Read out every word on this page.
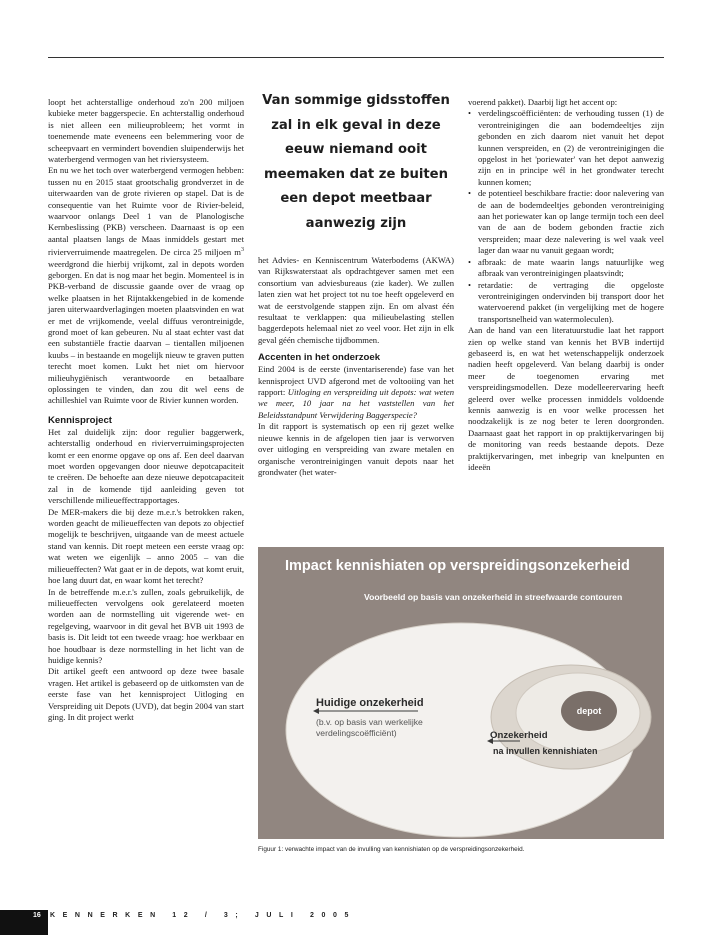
loopt het achterstallige onderhoud zo'n 200 miljoen kubieke meter baggerspecie. En achterstallig onderhoud is niet alleen een milieuprobleem; het vormt in toenemende mate eveneens een belemmering voor de scheepvaart en vermindert bovendien sluipenderwijs het waterbergend vermogen van het riviersysteem.

En nu we het toch over waterbergend vermogen hebben: tussen nu en 2015 staat grootschalig grondverzet in de uiterwaarden van de grote rivieren op stapel. Dat is de consequentie van het Ruimte voor de Rivier-beleid, waarvoor onlangs Deel 1 van de Planologische Kernbeslissing (PKB) verscheen. Daarnaast is op een aantal plaatsen langs de Maas inmiddels gestart met rivierverruimende maatregelen. De circa 25 miljoen $m^3$ weerdgrond die hierbij vrijkomt, zal in depots worden geborgen. En dat is nog maar het begin. Momenteel is in PKB-verband de discussie gaande over de vraag op welke plaatsen in het Rijntakkengebied in de komende jaren uiterwaardverlagingen moeten plaatsvinden en wat er met de vrijkomende, veelal diffuus verontreinigde, grond moet of kan gebeuren. Nu al staat echter vast dat een substantiële fractie daarvan – tientallen miljoenen kuubs – in bestaande en mogelijk nieuw te graven putten terecht moet komen. Lukt het niet om hiervoor milieuhygiënisch verantwoorde en betaalbare oplossingen te vinden, dan zou dit wel eens de achilleshiel van Ruimte voor de Rivier kunnen worden.

Kennisproject

Het zal duidelijk zijn: door regulier baggerwerk, achterstallig onderhoud en rivierverruimingsprojecten komt er een enorme opgave op ons af. Een deel daarvan moet worden opgevangen door nieuwe depotcapaciteit te creëren. De behoefte aan deze nieuwe depotcapaciteit zal in de komende tijd aanleiding geven tot verschillende milieueffectrapportages.

De MER-makers die bij deze m.e.r.'s betrokken raken, worden geacht de milieueffecten van depots zo objectief mogelijk te beschrijven, uitgaande van de meest actuele stand van kennis. Dit roept meteen een eerste vraag op: wat weten we eigenlijk – anno 2005 – van die milieueffecten? Wat gaat er in de depots, wat komt eruit, hoe lang duurt dat, en waar komt het terecht?

In de betreffende m.e.r.'s zullen, zoals gebruikelijk, de milieueffecten vervolgens ook gerelateerd moeten worden aan de normstelling uit vigerende wet- en regelgeving, waarvoor in dit geval het BVB uit 1993 de basis is. Dit leidt tot een tweede vraag: hoe werkbaar en hoe houdbaar is deze normstelling in het licht van de huidige kennis?

Dit artikel geeft een antwoord op deze twee basale vragen. Het artikel is gebaseerd op de uitkomsten van de eerste fase van het kennisproject Uitloging en Verspreiding uit Depots (UVD), dat begin 2004 van start ging. In dit project werkt

Van sommige gidsstoffen zal in elk geval in deze eeuw niemand ooit meemaken dat ze buiten een depot meetbaar aanwezig zijn

het Advies- en Kenniscentrum Waterbodems (AKWA) van Rijkswaterstaat als opdrachtgever samen met een consortium van adviesbureaus (zie kader). We zullen laten zien wat het project tot nu toe heeft opgeleverd en wat de eerstvolgende stappen zijn. En om alvast één resultaat te verklappen: qua milieubelasting stellen baggerdepots helemaal niet zo veel voor. Het zijn in elk geval géén chemische tijdbommen.

Accenten in het onderzoek

Eind 2004 is de eerste (inventariserende) fase van het kennisproject UVD afgerond met de voltooiing van het rapport: Uitloging en verspreiding uit depots: wat weten we meer, 10 jaar na het vaststellen van het Beleidsstandpunt Verwijdering Baggerspecie?

In dit rapport is systematisch op een rij gezet welke nieuwe kennis in de afgelopen tien jaar is verworven over uitloging en verspreiding van zware metalen en organische verontreinigingen vanuit depots naar het grondwater (het water-

voerend pakket). Daarbij ligt het accent op:

• verdelingscoëfficiënten: de verhouding tussen (1) de verontreinigingen die aan bodemdeeltjes zijn gebonden en zich daarom niet vanuit het depot kunnen verspreiden, en (2) de verontreinigingen die opgelost in het 'poriewater' van het depot aanwezig zijn en in principe wél in het grondwater terecht kunnen komen;
• de potentieel beschikbare fractie: door nalevering van de aan de bodemdeeltjes gebonden verontreiniging aan het poriewater kan op lange termijn toch een deel van de aan de bodem gebonden fractie zich verspreiden; maar deze nalevering is wel vaak veel lager dan waar nu vanuit gegaan wordt;
• afbraak: de mate waarin langs natuurlijke weg afbraak van verontreinigingen plaatsvindt;
• retardatie: de vertraging die opgeloste verontreinigingen ondervinden bij transport door het watervoerend pakket (in vergelijking met de hogere transportsnelheid van watermoleculen).

Aan de hand van een literatuurstudie laat het rapport zien op welke stand van kennis het BVB indertijd gebaseerd is, en wat het wetenschappelijk onderzoek nadien heeft opgeleverd. Van belang daarbij is onder meer de toegenomen ervaring met verspreidingsmodellen. Deze modelleerervaring heeft geleerd over welke processen inmiddels voldoende kennis aanwezig is en voor welke processen het noodzakelijk is ze nog beter te leren doorgronden. Daarnaast gaat het rapport in op praktijkervaringen bij de monitoring van reeds bestaande depots. Deze praktijkervaringen, met inbegrip van knelpunten en ideeën

Huidige onzekerheid
(b.v. op basis van werkelijke
verdelingscoëfficiënt)
depot
Onzekerheid
na invullen kennishiaten
Impact kennishiaten op verspreidingsonzekerheid
Voorbeeld op basis van onzekerheid in streefwaarde contouren
Figuur 1: verwachte impact van de invulling van kennishiaten op de verspreidingsonzekerheid.
16 KENNERKEN 12 / 3; JULI 2005
